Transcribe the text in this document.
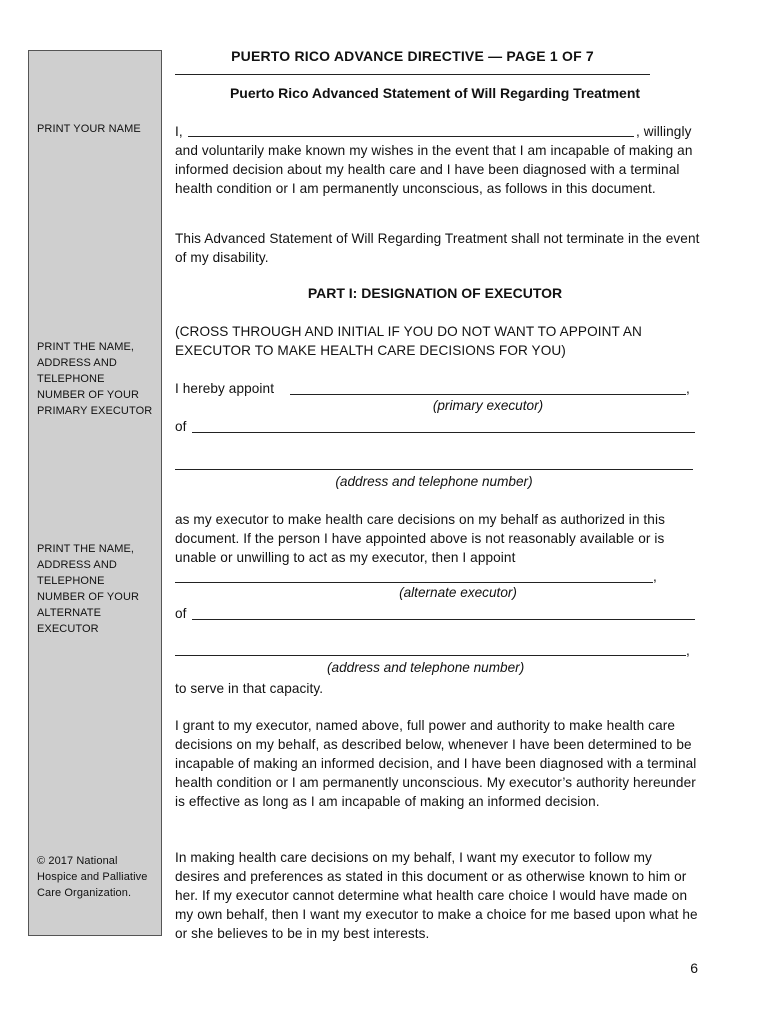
PRINT YOUR NAME
PRINT THE NAME, ADDRESS AND TELEPHONE NUMBER OF YOUR PRIMARY EXECUTOR
PRINT THE NAME, ADDRESS AND TELEPHONE NUMBER OF YOUR ALTERNATE EXECUTOR
© 2017 National Hospice and Palliative Care Organization.
PUERTO RICO ADVANCE DIRECTIVE — PAGE 1 OF 7
Puerto Rico Advanced Statement of Will Regarding Treatment
I,	, willingly
and voluntarily make known my wishes in the event that I am incapable of making an informed decision about my health care and I have been diagnosed with a terminal health condition or I am permanently unconscious, as follows in this document.
This Advanced Statement of Will Regarding Treatment shall not terminate in the event of my disability.
PART I: DESIGNATION OF EXECUTOR
(CROSS THROUGH AND INITIAL IF YOU DO NOT WANT TO APPOINT AN EXECUTOR TO MAKE HEALTH CARE DECISIONS FOR YOU)
I hereby appoint	,
(primary executor)
of
(address and telephone number)
as my executor to make health care decisions on my behalf as authorized in this document. If the person I have appointed above is not reasonably available or is unable or unwilling to act as my executor, then I appoint
,
(alternate executor)
of
,
(address and telephone number)
to serve in that capacity.
I grant to my executor, named above, full power and authority to make health care decisions on my behalf, as described below, whenever I have been determined to be incapable of making an informed decision, and I have been diagnosed with a terminal health condition or I am permanently unconscious. My executor’s authority hereunder is effective as long as I am incapable of making an informed decision.
In making health care decisions on my behalf, I want my executor to follow my desires and preferences as stated in this document or as otherwise known to him or her. If my executor cannot determine what health care choice I would have made on my own behalf, then I want my executor to make a choice for me based upon what he or she believes to be in my best interests.
6
